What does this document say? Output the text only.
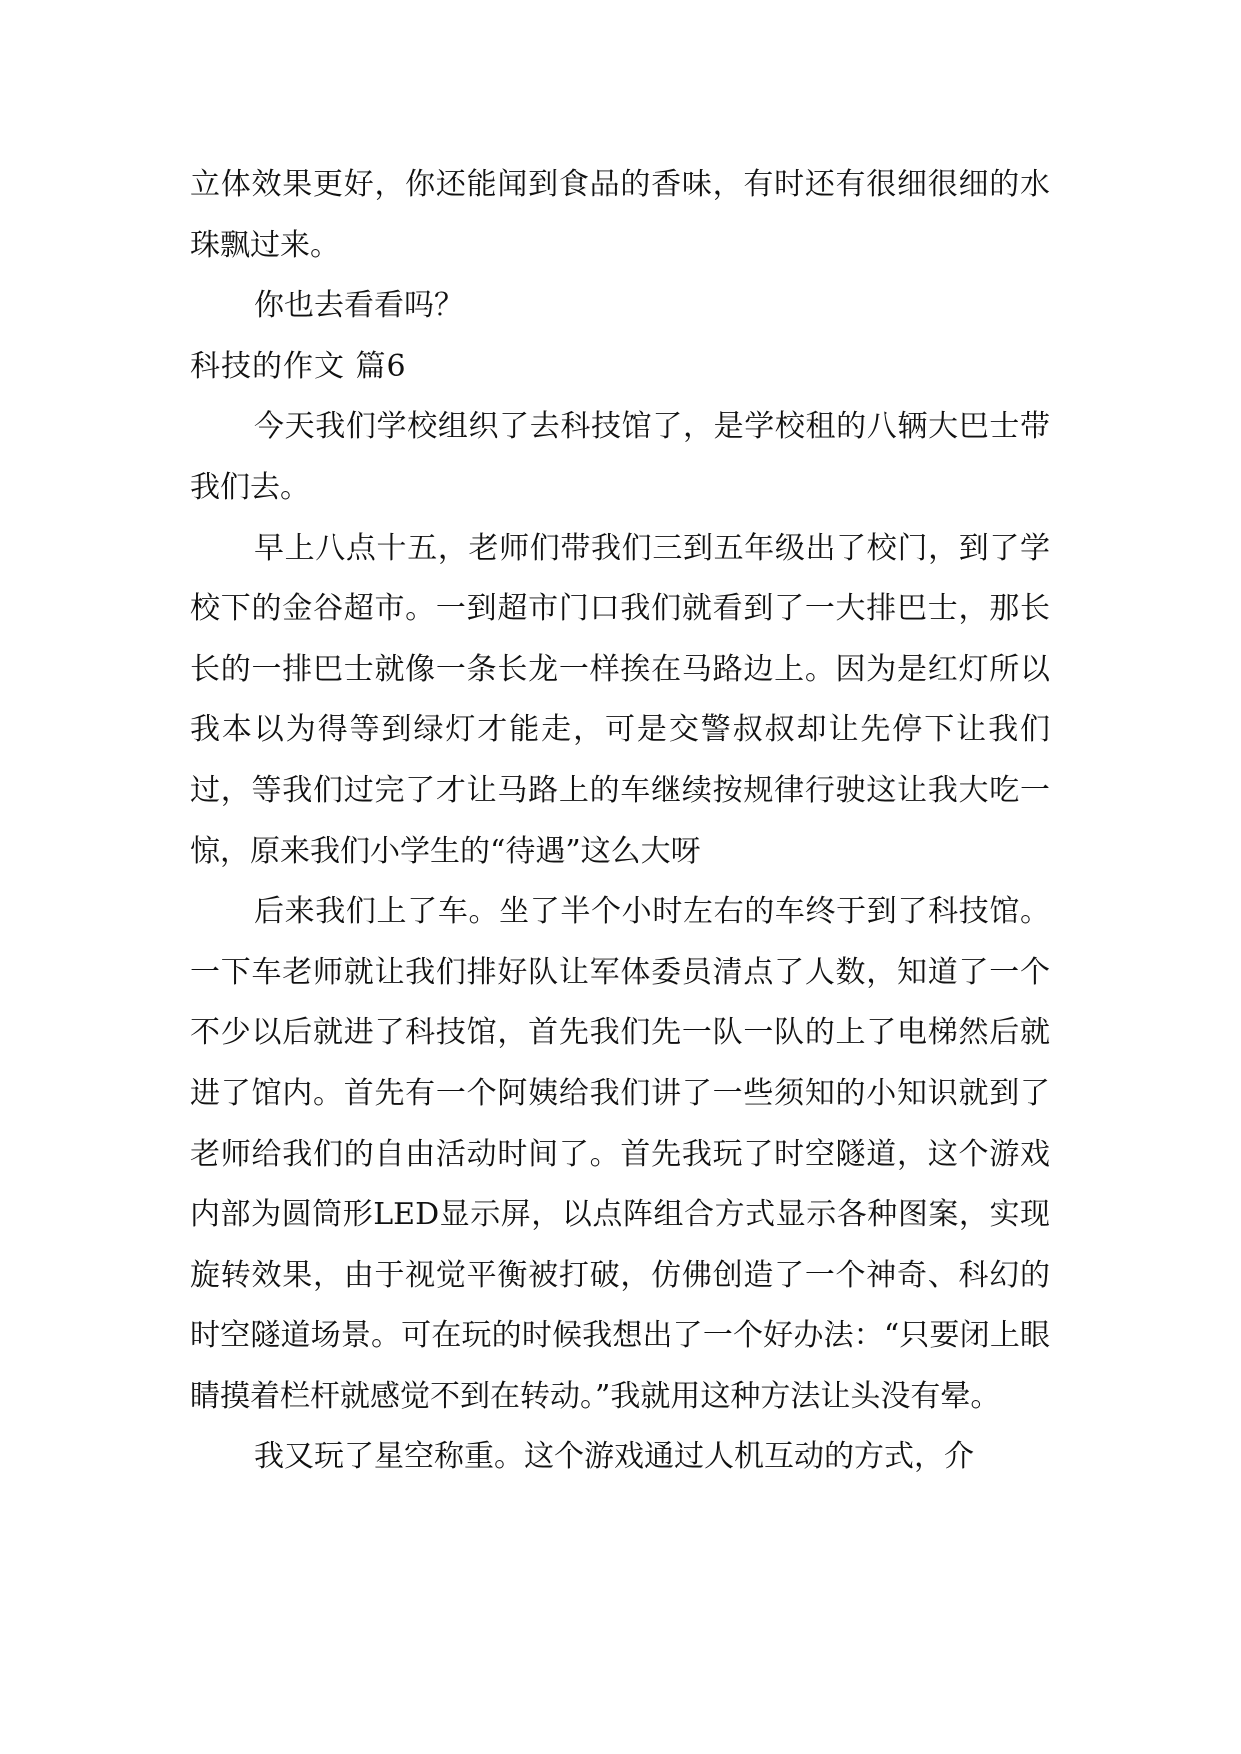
立体效果更好，你还能闻到食品的香味，有时还有很细很细的水珠飘过来。

你也去看看吗？

科技的作文 篇6

今天我们学校组织了去科技馆了，是学校租的八辆大巴士带我们去。

早上八点十五，老师们带我们三到五年级出了校门，到了学校下的金谷超市。一到超市门口我们就看到了一大排巴士，那长长的一排巴士就像一条长龙一样挨在马路边上。因为是红灯所以我本以为得等到绿灯才能走，可是交警叔叔却让先停下让我们过，等我们过完了才让马路上的车继续按规律行驶这让我大吃一惊，原来我们小学生的“待遇”这么大呀

后来我们上了车。坐了半个小时左右的车终于到了科技馆。一下车老师就让我们排好队让军体委员清点了人数，知道了一个不少以后就进了科技馆，首先我们先一队一队的上了电梯然后就进了馆内。首先有一个阿姨给我们讲了一些须知的小知识就到了老师给我们的自由活动时间了。首先我玩了时空隧道，这个游戏内部为圆筒形LED显示屏，以点阵组合方式显示各种图案，实现旋转效果，由于视觉平衡被打破，仿佛创造了一个神奇、科幻的时空隧道场景。可在玩的时候我想出了一个好办法：“只要闭上眼睛摸着栏杆就感觉不到在转动。”我就用这种方法让头没有晕。

我又玩了星空称重。这个游戏通过人机互动的方式，介
